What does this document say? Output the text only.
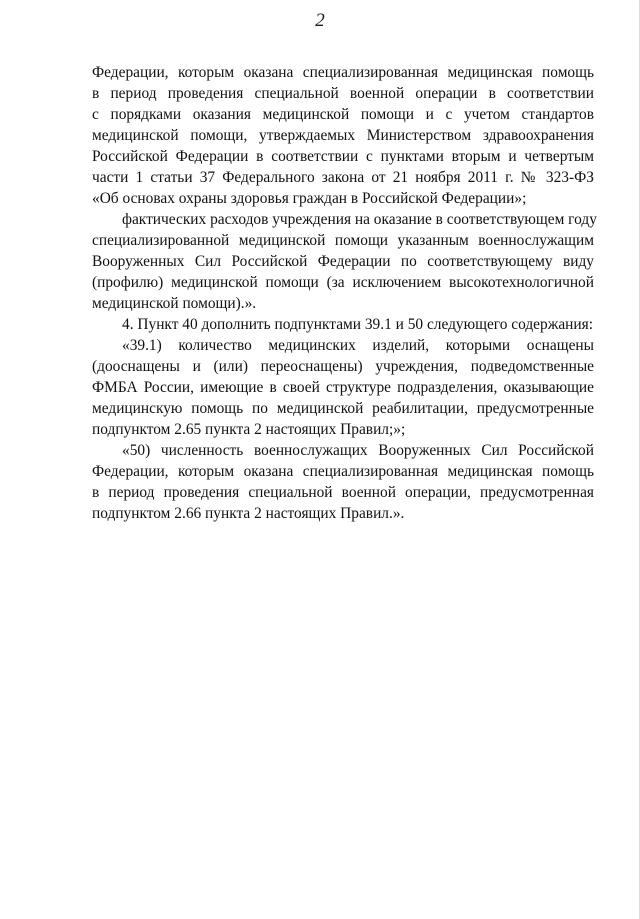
2
Федерации, которым оказана специализированная медицинская помощь
в период проведения специальной военной операции в соответствии
с порядками оказания медицинской помощи и с учетом стандартов
медицинской помощи, утверждаемых Министерством здравоохранения
Российской Федерации в соответствии с пунктами вторым и четвертым
части 1 статьи 37 Федерального закона от 21 ноября 2011 г. № 323-ФЗ
«Об основах охраны здоровья граждан в Российской Федерации»;
фактических расходов учреждения на оказание в соответствующем году
специализированной медицинской помощи указанным военнослужащим
Вооруженных Сил Российской Федерации по соответствующему виду
(профилю) медицинской помощи (за исключением высокотехнологичной
медицинской помощи).».
4. Пункт 40 дополнить подпунктами 39.1 и 50 следующего содержания:
«39.1) количество медицинских изделий, которыми оснащены
(дооснащены и (или) переоснащены) учреждения, подведомственные
ФМБА России, имеющие в своей структуре подразделения, оказывающие
медицинскую помощь по медицинской реабилитации, предусмотренные
подпунктом 2.65 пункта 2 настоящих Правил;»;
«50) численность военнослужащих Вооруженных Сил Российской
Федерации, которым оказана специализированная медицинская помощь
в период проведения специальной военной операции, предусмотренная
подпунктом 2.66 пункта 2 настоящих Правил.».
